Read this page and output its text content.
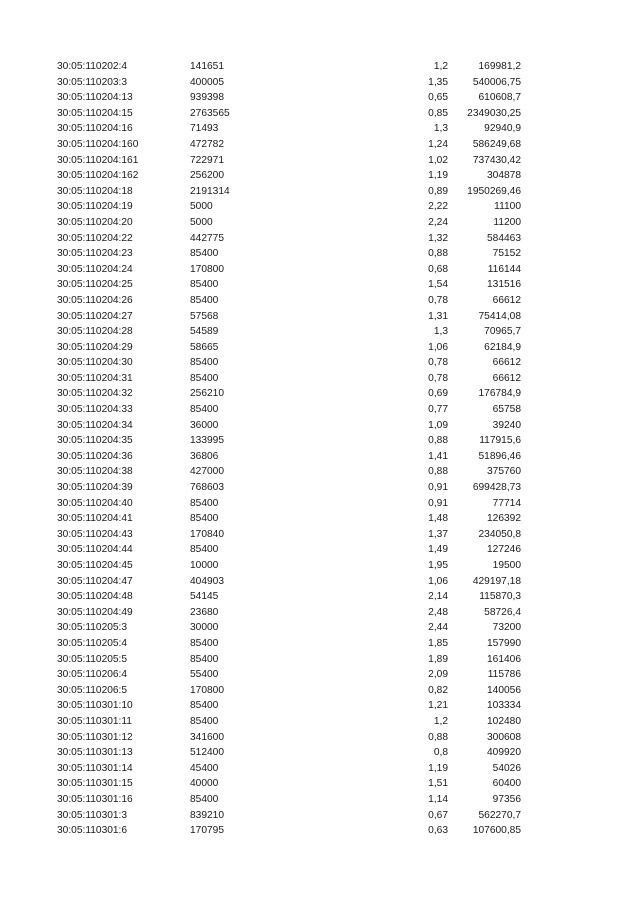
30:05:110202:4	141651		1,2	169981,2
30:05:110203:3	400005		1,35	540006,75
30:05:110204:13	939398		0,65	610608,7
30:05:110204:15	2763565		0,85	2349030,25
30:05:110204:16	71493		1,3	92940,9
30:05:110204:160	472782		1,24	586249,68
30:05:110204:161	722971		1,02	737430,42
30:05:110204:162	256200		1,19	304878
30:05:110204:18	2191314		0,89	1950269,46
30:05:110204:19	5000		2,22	11100
30:05:110204:20	5000		2,24	11200
30:05:110204:22	442775		1,32	584463
30:05:110204:23	85400		0,88	75152
30:05:110204:24	170800		0,68	116144
30:05:110204:25	85400		1,54	131516
30:05:110204:26	85400		0,78	66612
30:05:110204:27	57568		1,31	75414,08
30:05:110204:28	54589		1,3	70965,7
30:05:110204:29	58665		1,06	62184,9
30:05:110204:30	85400		0,78	66612
30:05:110204:31	85400		0,78	66612
30:05:110204:32	256210		0,69	176784,9
30:05:110204:33	85400		0,77	65758
30:05:110204:34	36000		1,09	39240
30:05:110204:35	133995		0,88	117915,6
30:05:110204:36	36806		1,41	51896,46
30:05:110204:38	427000		0,88	375760
30:05:110204:39	768603		0,91	699428,73
30:05:110204:40	85400		0,91	77714
30:05:110204:41	85400		1,48	126392
30:05:110204:43	170840		1,37	234050,8
30:05:110204:44	85400		1,49	127246
30:05:110204:45	10000		1,95	19500
30:05:110204:47	404903		1,06	429197,18
30:05:110204:48	54145		2,14	115870,3
30:05:110204:49	23680		2,48	58726,4
30:05:110205:3	30000		2,44	73200
30:05:110205:4	85400		1,85	157990
30:05:110205:5	85400		1,89	161406
30:05:110206:4	55400		2,09	115786
30:05:110206:5	170800		0,82	140056
30:05:110301:10	85400		1,21	103334
30:05:110301:11	85400		1,2	102480
30:05:110301:12	341600		0,88	300608
30:05:110301:13	512400		0,8	409920
30:05:110301:14	45400		1,19	54026
30:05:110301:15	40000		1,51	60400
30:05:110301:16	85400		1,14	97356
30:05:110301:3	839210		0,67	562270,7
30:05:110301:6	170795		0,63	107600,85
